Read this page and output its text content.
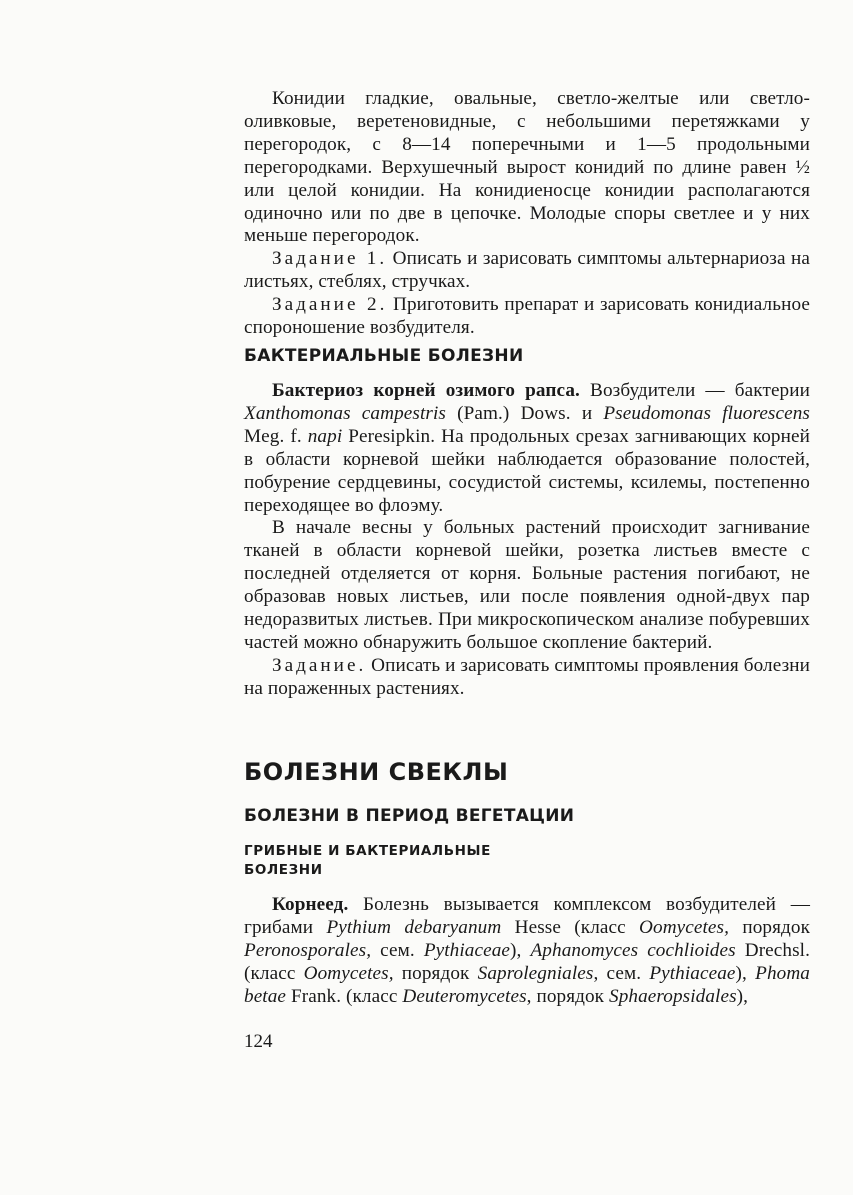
Конидии гладкие, овальные, светло-желтые или светло-оливковые, веретеновидные, с небольшими перетяжками у перегородок, с 8—14 поперечными и 1—5 продольными перегородками. Верхушечный вырост конидий по длине равен ½ или целой конидии. На конидиеносце конидии располагаются одиночно или по две в цепочке. Молодые споры светлее и у них меньше перегородок.

Задание 1. Описать и зарисовать симптомы альтернариоза на листьях, стеблях, стручках.

Задание 2. Приготовить препарат и зарисовать конидиальное спороношение возбудителя.

БАКТЕРИАЛЬНЫЕ БОЛЕЗНИ

Бактериоз корней озимого рапса. Возбудители — бактерии Xanthomonas campestris (Pam.) Dows. и Pseudomonas fluorescens Meg. f. napi Peresipkin. На продольных срезах загнивающих корней в области корневой шейки наблюдается образование полостей, побурение сердцевины, сосудистой системы, ксилемы, постепенно переходящее во флоэму.

В начале весны у больных растений происходит загнивание тканей в области корневой шейки, розетка листьев вместе с последней отделяется от корня. Больные растения погибают, не образовав новых листьев, или после появления одной-двух пар недоразвитых листьев. При микроскопическом анализе побуревших частей можно обнаружить большое скопление бактерий.

Задание. Описать и зарисовать симптомы проявления болезни на пораженных растениях.

БОЛЕЗНИ СВЕКЛЫ
БОЛЕЗНИ В ПЕРИОД ВЕГЕТАЦИИ
ГРИБНЫЕ И БАКТЕРИАЛЬНЫЕ
БОЛЕЗНИ

Корнеед. Болезнь вызывается комплексом возбудителей — грибами Pythium debaryanum Hesse (класс Oomycetes, порядок Peronosporales, сем. Pythiaceae), Aphanomyces cochlioides Drechsl. (класс Oomycetes, порядок Saprolegniales, сем. Pythiaceae), Phoma betae Frank. (класс Deuteromycetes, порядок Sphaeropsidales),

124
